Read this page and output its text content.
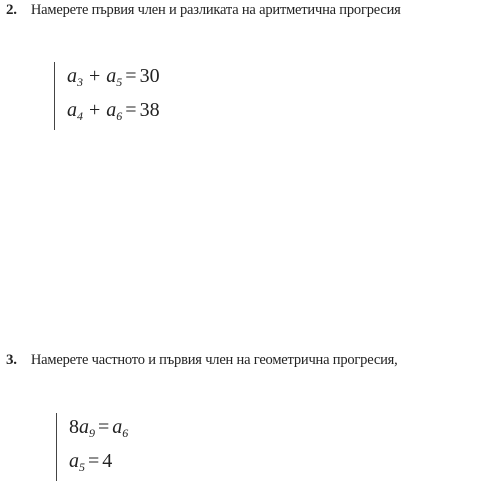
2. Намерете първия член и разликата на аритметична прогресия
$a_3 + a_5 = 30$
$a_4 + a_6 = 38$
3. Намерете частното и първия член на геометрична прогресия,
$8a_9 = a_6$
$a_5 = 4$
